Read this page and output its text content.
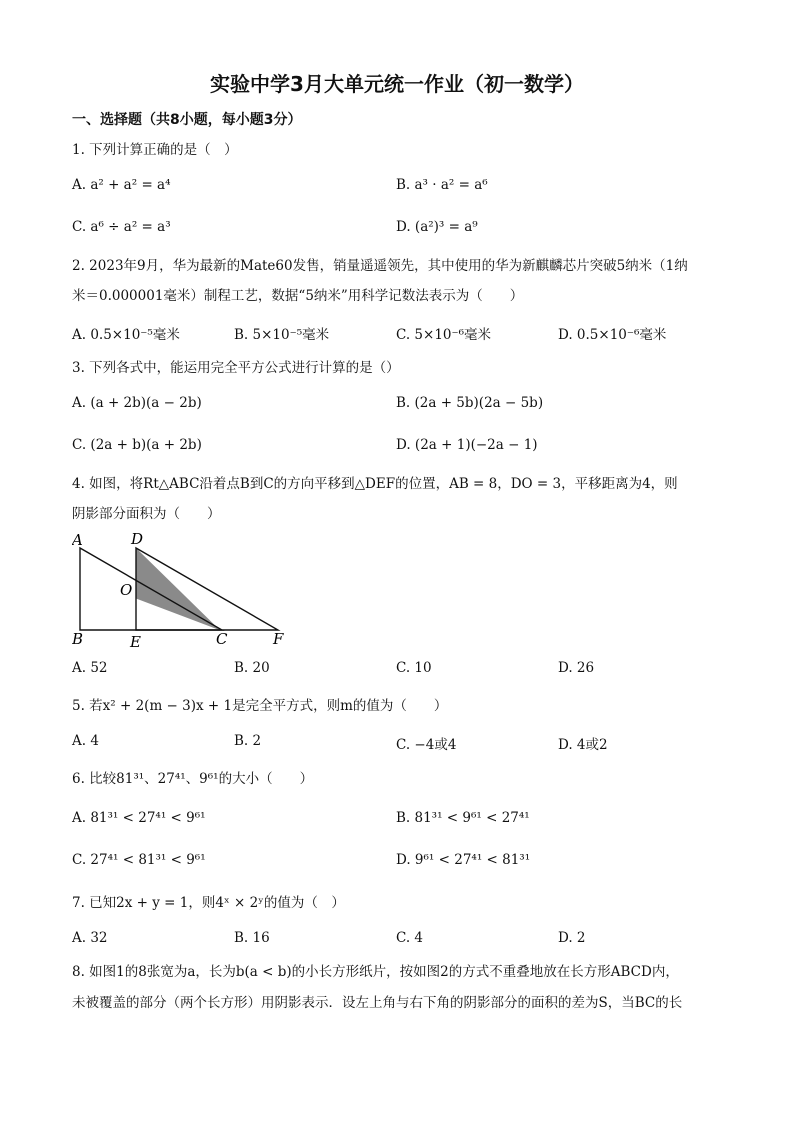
实验中学3月大单元统一作业（初一数学）
一、选择题（共8小题，每小题3分）
1. 下列计算正确的是（　）
A. a² + a² = a⁴	B. a³ · a² = a⁶
C. a⁶ ÷ a² = a³	D. (a²)³ = a⁹
2. 2023年9月，华为最新的Mate60发售，销量遥遥领先，其中使用的华为新麒麟芯片突破5纳米（1纳
米＝0.000001毫米）制程工艺，数据“5纳米”用科学记数法表示为（　　）
A. 0.5×10⁻⁵毫米	B. 5×10⁻⁵毫米	C. 5×10⁻⁶毫米	D. 0.5×10⁻⁶毫米
3. 下列各式中，能运用完全平方公式进行计算的是（）
A. (a + 2b)(a − 2b)	B. (2a + 5b)(2a − 5b)
C. (2a + b)(a + 2b)	D. (2a + 1)(−2a − 1)
4. 如图，将Rt△ABC沿着点B到C的方向平移到△DEF的位置，AB = 8，DO = 3，平移距离为4，则
阴影部分面积为（　　）
A	D
O
B	E	C	F
A. 52	B. 20	C. 10	D. 26
5. 若x² + 2(m − 3)x + 1是完全平方式，则m的值为（　　）
A. 4	B. 2	C. −4或4	D. 4或2
6. 比较81³¹、27⁴¹、9⁶¹的大小（　　）
A. 81³¹ < 27⁴¹ < 9⁶¹	B. 81³¹ < 9⁶¹ < 27⁴¹
C. 27⁴¹ < 81³¹ < 9⁶¹	D. 9⁶¹ < 27⁴¹ < 81³¹
7. 已知2x + y = 1，则4ˣ × 2ʸ的值为（　）
A. 32	B. 16	C. 4	D. 2
8. 如图1的8张宽为a，长为b(a < b)的小长方形纸片，按如图2的方式不重叠地放在长方形ABCD内，
未被覆盖的部分（两个长方形）用阴影表示．设左上角与右下角的阴影部分的面积的差为S，当BC的长
